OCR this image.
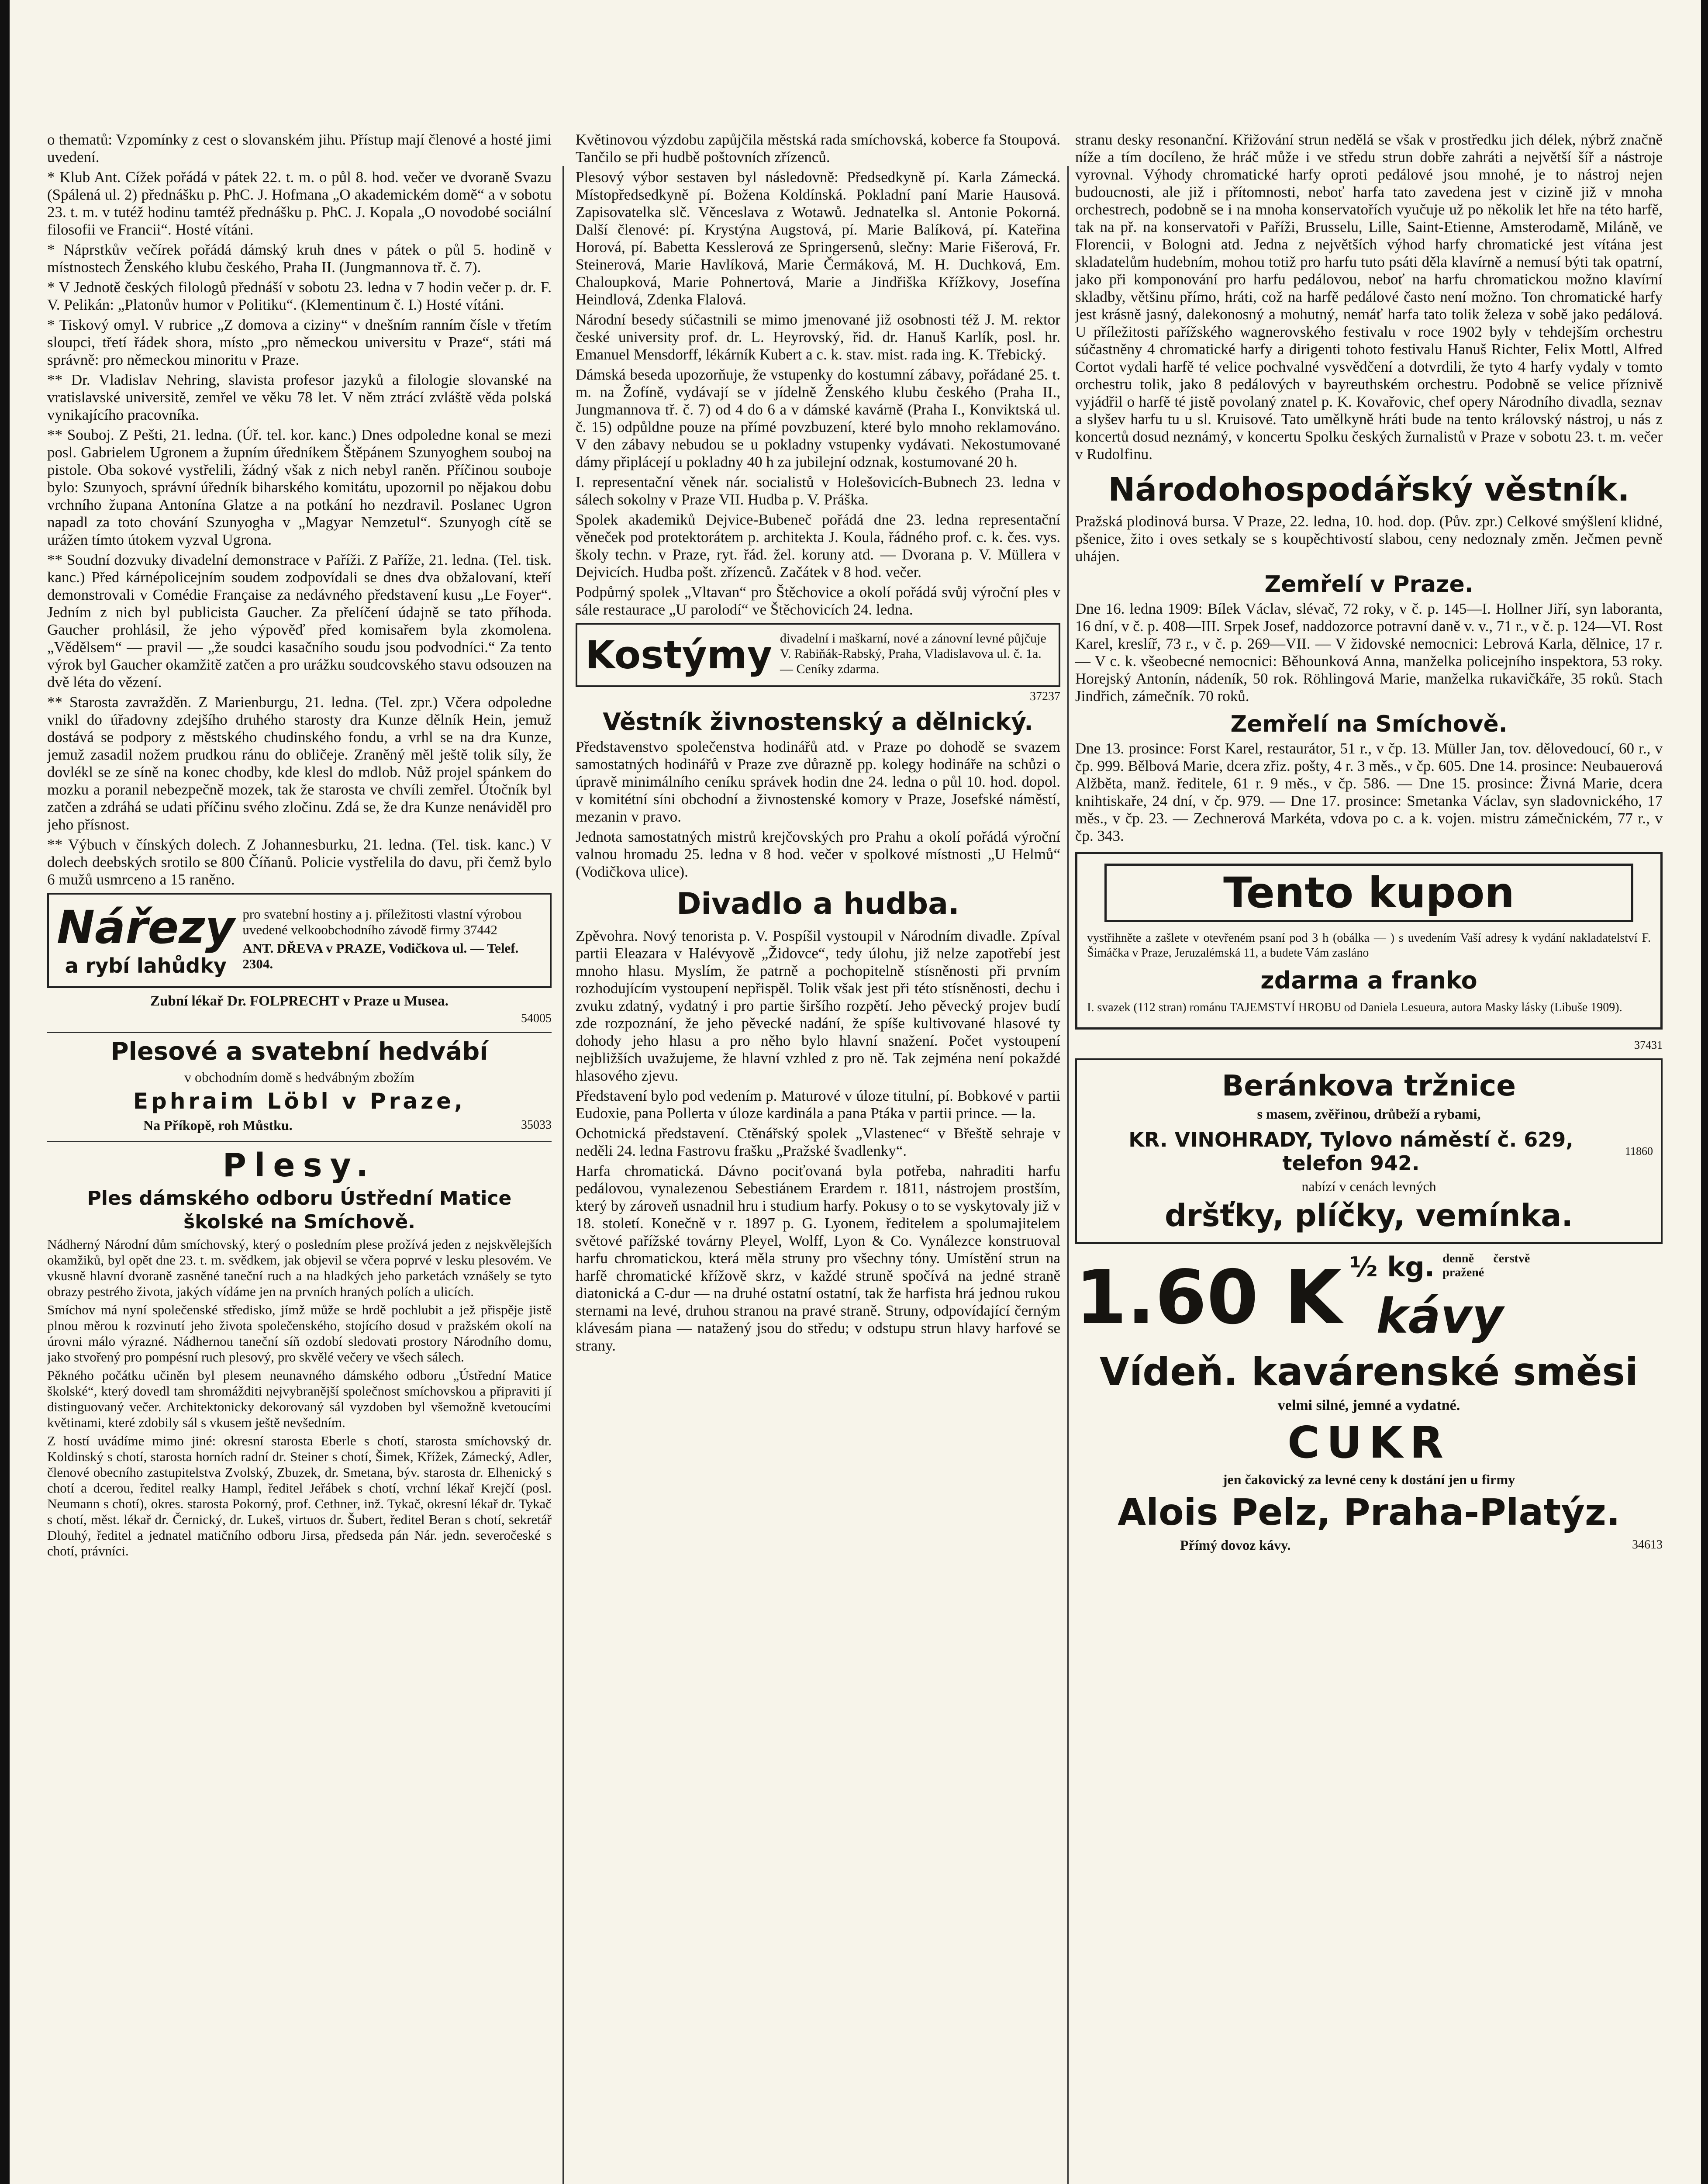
o thematů: Vzpomínky z cest o slovanském jihu. Přístup mají členové a hosté jimi uvedení.

* Klub Ant. Cížek pořádá v pátek 22. t. m. o půl 8. hod. večer ve dvoraně Svazu (Spálená ul. 2) přednášku p. PhC. J. Hofmana „O akademickém domě“ a v sobotu 23. t. m. v tutéž hodinu tamtéž přednášku p. PhC. J. Kopala „O novodobé sociální filosofii ve Francii“. Hosté vítáni.

* Náprstkův večírek pořádá dámský kruh dnes v pátek o půl 5. hodině v místnostech Ženského klubu českého, Praha II. (Jungmannova tř. č. 7).

* V Jednotě českých filologů přednáší v sobotu 23. ledna v 7 hodin večer p. dr. F. V. Pelikán: „Platonův humor v Politiku“. (Klementinum č. I.) Hosté vítáni.

* Tiskový omyl. V rubrice „Z domova a ciziny“ v dnešním ranním čísle v třetím sloupci, třetí řádek shora, místo „pro německou universitu v Praze“, státi má správně: pro německou minoritu v Praze.

** Dr. Vladislav Nehring, slavista profesor jazyků a filologie slovanské na vratislavské universitě, zemřel ve věku 78 let. V něm ztrácí zvláště věda polská vynikajícího pracovníka.

** Souboj. Z Pešti, 21. ledna. (Úř. tel. kor. kanc.) Dnes odpoledne konal se mezi posl. Gabrielem Ugronem a župním úředníkem Štěpánem Szunyoghem souboj na pistole. Oba sokové vystřelili, žádný však z nich nebyl raněn. Příčinou souboje bylo: Szunyoch, správní úředník biharského komitátu, upozornil po nějakou dobu vrchního župana Antonína Glatze a na potkání ho nezdravil. Poslanec Ugron napadl za toto chování Szunyogha v „Magyar Nemzetul“. Szunyogh cítě se urážen tímto útokem vyzval Ugrona.

** Soudní dozvuky divadelní demonstrace v Paříži. Z Paříže, 21. ledna. (Tel. tisk. kanc.) Před kárnépolicejním soudem zodpovídali se dnes dva obžalovaní, kteří demonstrovali v Comédie Française za nedávného představení kusu „Le Foyer“. Jedním z nich byl publicista Gaucher. Za přelíčení údajně se tato příhoda. Gaucher prohlásil, že jeho výpověď před komisařem byla zkomolena. „Vědělsem“ — pravil — „že soudci kasačního soudu jsou podvodníci.“ Za tento výrok byl Gaucher okamžitě zatčen a pro urážku soudcovského stavu odsouzen na dvě léta do vězení.

** Starosta zavražděn. Z Marienburgu, 21. ledna. (Tel. zpr.) Včera odpoledne vnikl do úřadovny zdejšího druhého starosty dra Kunze dělník Hein, jemuž dostává se podpory z městského chudinského fondu, a vrhl se na dra Kunze, jemuž zasadil nožem prudkou ránu do obličeje. Zraněný měl ještě tolik síly, že dovlékl se ze síně na konec chodby, kde klesl do mdlob. Nůž projel spánkem do mozku a poranil nebezpečně mozek, tak že starosta ve chvíli zemřel. Útočník byl zatčen a zdráhá se udati příčinu svého zločinu. Zdá se, že dra Kunze nenáviděl pro jeho přísnost.

** Výbuch v čínských dolech. Z Johannesburku, 21. ledna. (Tel. tisk. kanc.) V dolech deebských srotilo se 800 Číňanů. Policie vystřelila do davu, při čemž bylo 6 mužů usmrceno a 15 raněno.

Nářezy
a rybí lahůdky

pro svatební hostiny a j. příležitosti vlastní výrobou uvedené velkoobchodního závodě firmy 37442

ANT. DŘEVA v PRAZE, Vodičkova ul. — Telef. 2304.

Zubní lékař Dr. FOLPRECHT v Praze u Musea.

54005

Plesové a svatební hedvábí

v obchodním domě s hedvábným zbožím

Ephraim Löbl v Praze,

Na Příkopě, roh Můstku.	35033

Plesy.
Ples dámského odboru Ústřední Matice školské na Smíchově.

Nádherný Národní dům smíchovský, který o posledním plese prožívá jeden z nejskvělejších okamžiků, byl opět dne 23. t. m. svědkem, jak objevil se včera poprvé v lesku plesovém. Ve vkusně hlavní dvoraně zasněné taneční ruch a na hladkých jeho parketách vznášely se tyto obrazy pestrého života, jakých vídáme jen na prvních hraných polích a ulicích.

Smíchov má nyní společenské středisko, jímž může se hrdě pochlubit a jež přispěje jistě plnou měrou k rozvinutí jeho života společenského, stojícího dosud v pražském okolí na úrovni málo výrazné. Nádhernou taneční síň ozdobí sledovati prostory Národního domu, jako stvořený pro pompésní ruch plesový, pro skvělé večery ve všech sálech.

Pěkného počátku učiněn byl plesem neunavného dámského odboru „Ústřední Matice školské“, který dovedl tam shromážditi nejvybranější společnost smíchovskou a připraviti jí distinguovaný večer. Architektonicky dekorovaný sál vyzdoben byl všemožně kvetoucími květinami, které zdobily sál s vkusem ještě nevšedním.

Z hostí uvádíme mimo jiné: okresní starosta Eberle s chotí, starosta smíchovský dr. Koldinský s chotí, starosta horních radní dr. Steiner s chotí, Šimek, Křížek, Zámecký, Adler, členové obecního zastupitelstva Zvolský, Zbuzek, dr. Smetana, býv. starosta dr. Elhenický s chotí a dcerou, ředitel realky Hampl, ředitel Jeřábek s chotí, vrchní lékař Krejčí (posl. Neumann s chotí), okres. starosta Pokorný, prof. Cethner, inž. Tykač, okresní lékař dr. Tykač s chotí, měst. lékař dr. Černický, dr. Lukeš, virtuos dr. Šubert, ředitel Beran s chotí, sekretář Dlouhý, ředitel a jednatel matičního odboru Jirsa, předseda pán Nár. jedn. severočeské s chotí, právníci.

Květinovou výzdobu zapůjčila městská rada smíchovská, koberce fa Stoupová. Tančilo se při hudbě poštovních zřízenců.

Plesový výbor sestaven byl následovně: Předsedkyně pí. Karla Zámecká. Místopředsedkyně pí. Božena Koldínská. Pokladní paní Marie Hausová. Zapisovatelka slč. Věnceslava z Wotawů. Jednatelka sl. Antonie Pokorná. Další členové: pí. Krystýna Augstová, pí. Marie Balíková, pí. Kateřina Horová, pí. Babetta Kesslerová ze Springersenů, slečny: Marie Fišerová, Fr. Steinerová, Marie Havlíková, Marie Čermáková, M. H. Duchková, Em. Chaloupková, Marie Pohnertová, Marie a Jindřiška Křížkovy, Josefína Heindlová, Zdenka Flalová.

Národní besedy súčastnili se mimo jmenované již osobnosti též J. M. rektor české university prof. dr. L. Heyrovský, řid. dr. Hanuš Karlík, posl. hr. Emanuel Mensdorff, lékárník Kubert a c. k. stav. mist. rada ing. K. Třebický.

Dámská beseda upozorňuje, že vstupenky do kostumní zábavy, pořádané 25. t. m. na Žofíně, vydávají se v jídelně Ženského klubu českého (Praha II., Jungmannova tř. č. 7) od 4 do 6 a v dámské kavárně (Praha I., Konviktská ul. č. 15) odpůldne pouze na přímé povzbuzení, které bylo mnoho reklamováno. V den zábavy nebudou se u pokladny vstupenky vydávati. Nekostumované dámy připlácejí u pokladny 40 h za jubilejní odznak, kostumované 20 h.

I. representační věnek nár. socialistů v Holešovicích-Bubnech 23. ledna v sálech sokolny v Praze VII. Hudba p. V. Práška.

Spolek akademiků Dejvice-Bubeneč pořádá dne 23. ledna representační věneček pod protektorátem p. architekta J. Koula, řádného prof. c. k. čes. vys. školy techn. v Praze, ryt. řád. žel. koruny atd. — Dvorana p. V. Müllera v Dejvicích. Hudba pošt. zřízenců. Začátek v 8 hod. večer.

Podpůrný spolek „Vltavan“ pro Štěchovice a okolí pořádá svůj výroční ples v sále restaurace „U parolodí“ ve Štěchovicích 24. ledna.

Kostýmy divadelní i maškarní, nové a zánovní levné půjčuje V. Rabiňák-Rabský, Praha, Vladislavova ul. č. 1a. — Ceníky zdarma.

37237

Věstník živnostenský a dělnický.

Představenstvo společenstva hodinářů atd. v Praze po dohodě se svazem samostatných hodinářů v Praze zve důrazně pp. kolegy hodináře na schůzi o úpravě minimálního ceníku správek hodin dne 24. ledna o půl 10. hod. dopol. v komitétní síni obchodní a živnostenské komory v Praze, Josefské náměstí, mezanin v pravo.

Jednota samostatných mistrů krejčovských pro Prahu a okolí pořádá výroční valnou hromadu 25. ledna v 8 hod. večer v spolkové místnosti „U Helmů“ (Vodičkova ulice).

Divadlo a hudba.

Zpěvohra. Nový tenorista p. V. Pospíšil vystoupil v Národním divadle. Zpíval partii Eleazara v Halévyově „Židovce“, tedy úlohu, již nelze zapotřebí jest mnoho hlasu. Myslím, že patrně a pochopitelně stísněnosti při prvním rozhodujícím vystoupení nepřispěl. Tolik však jest při této stísněnosti, dechu i zvuku zdatný, vydatný i pro partie širšího rozpětí. Jeho pěvecký projev budí zde rozpoznání, že jeho pěvecké nadání, že spíše kultivované hlasové ty dohody jeho hlasu a pro něho bylo hlavní snažení. Počet vystoupení nejbližších uvažujeme, že hlavní vzhled z pro ně. Tak zejména není pokaždé hlasového zjevu.

Představení bylo pod vedením p. Maturové v úloze titulní, pí. Bobkové v partii Eudoxie, pana Pollerta v úloze kardinála a pana Ptáka v partii prince. — la.

Ochotnická představení. Ctěnářský spolek „Vlastenec“ v Břeště sehraje v neděli 24. ledna Fastrovu frašku „Pražské švadlenky“.

Harfa chromatická. Dávno pociťovaná byla potřeba, nahraditi harfu pedálovou, vynalezenou Sebestiánem Erardem r. 1811, nástrojem prostším, který by zároveň usnadnil hru i studium harfy. Pokusy o to se vyskytovaly již v 18. století. Konečně v r. 1897 p. G. Lyonem, ředitelem a spolumajitelem světové pařížské továrny Pleyel, Wolff, Lyon & Co. Vynálezce konstruoval harfu chromatickou, která měla struny pro všechny tóny. Umístění strun na harfě chromatické křížově skrz, v každé struně spočívá na jedné straně diatonická a C-dur — na druhé ostatní ostatní, tak že harfista hrá jednou rukou sternami na levé, druhou stranou na pravé straně. Struny, odpovídající černým klávesám piana — natažený jsou do středu; v odstupu strun hlavy harfové se strany.

stranu desky resonanční. Křižování strun nedělá se však v prostředku jich délek, nýbrž značně níže a tím docíleno, že hráč může i ve středu strun dobře zahráti a největší šíř a nástroje vyrovnal. Výhody chromatické harfy oproti pedálové jsou mnohé, je to nástroj nejen budoucnosti, ale již i přítomnosti, neboť harfa tato zavedena jest v cizině již v mnoha orchestrech, podobně se i na mnoha konservatořích vyučuje už po několik let hře na této harfě, tak na př. na konservatoři v Paříži, Brusselu, Lille, Saint-Etienne, Amsterodamě, Miláně, ve Florencii, v Bologni atd. Jedna z největších výhod harfy chromatické jest vítána jest skladatelům hudebním, mohou totiž pro harfu tuto psáti děla klavírně a nemusí býti tak opatrní, jako při komponování pro harfu pedálovou, neboť na harfu chromatickou možno klavírní skladby, většinu přímo, hráti, což na harfě pedálové často není možno. Ton chromatické harfy jest krásně jasný, dalekonosný a mohutný, nemáť harfa tato tolik železa v sobě jako pedálová. U příležitosti pařížského wagnerovského festivalu v roce 1902 byly v tehdejším orchestru súčastněny 4 chromatické harfy a dirigenti tohoto festivalu Hanuš Richter, Felix Mottl, Alfred Cortot vydali harfě té velice pochvalné vysvědčení a dotvrdili, že tyto 4 harfy vydaly v tomto orchestru tolik, jako 8 pedálových v bayreuthském orchestru. Podobně se velice příznivě vyjádřil o harfě té jistě povolaný znatel p. K. Kovařovic, chef opery Národního divadla, seznav a slyšev harfu tu u sl. Kruisové. Tato umělkyně hráti bude na tento královský nástroj, u nás z koncertů dosud neznámý, v koncertu Spolku českých žurnalistů v Praze v sobotu 23. t. m. večer v Rudolfinu.

Národohospodářský věstník.

Pražská plodinová bursa. V Praze, 22. ledna, 10. hod. dop. (Pův. zpr.) Celkové smýšlení klidné, pšenice, žito i oves setkaly se s koupěchtivostí slabou, ceny nedoznaly změn. Ječmen pevně uhájen.

Zemřelí v Praze.

Dne 16. ledna 1909: Bílek Václav, slévač, 72 roky, v č. p. 145—I. Hollner Jiří, syn laboranta, 16 dní, v č. p. 408—III. Srpek Josef, naddozorce potravní daně v. v., 71 r., v č. p. 124—VI. Rost Karel, kreslíř, 73 r., v č. p. 269—VII. — V židovské nemocnici: Lebrová Karla, dělnice, 17 r. — V c. k. všeobecné nemocnici: Běhounková Anna, manželka policejního inspektora, 53 roky. Horejský Antonín, nádeník, 50 rok. Röhlingová Marie, manželka rukavičkáře, 35 roků. Stach Jindřich, zámečník. 70 roků.

Zemřelí na Smíchově.

Dne 13. prosince: Forst Karel, restaurátor, 51 r., v čp. 13. Müller Jan, tov. dělovedoucí, 60 r., v čp. 999. Bělbová Marie, dcera zřiz. pošty, 4 r. 3 měs., v čp. 605. Dne 14. prosince: Neubauerová Alžběta, manž. ředitele, 61 r. 9 měs., v čp. 586. — Dne 15. prosince: Živná Marie, dcera knihtiskaře, 24 dní, v čp. 979. — Dne 17. prosince: Smetanka Václav, syn sladovnického, 17 měs., v čp. 23. — Zechnerová Markéta, vdova po c. a k. vojen. mistru zámečnickém, 77 r., v čp. 343.

Tento kupon

vystřihněte a zašlete v otevřeném psaní pod 3 h (obálka — ) s uvedením Vaší adresy k vydání nakladatelství F. Šimáčka v Praze, Jeruzalémská 11, a budete Vám zasláno

zdarma a franko

I. svazek (112 stran) románu TAJEMSTVÍ HROBU od Daniela Lesueura, autora Masky lásky (Libuše 1909).

37431

Beránkova tržnice

s masem, zvěřinou, drůbeží a rybami,

KR. VINOHRADY, Tylovo náměstí č. 629, telefon 942.
11860

nabízí v cenách levných

dršťky, plíčky, vemínka.
1.60 K ½ kg. denně čerstvě pražené

kávy
Vídeň. kavárenské směsi

velmi silné, jemné a vydatné.

CUKR

jen čakovický za levné ceny k dostání jen u firmy

Alois Pelz, Praha-Platýz.

Přímý dovoz kávy.	34613
